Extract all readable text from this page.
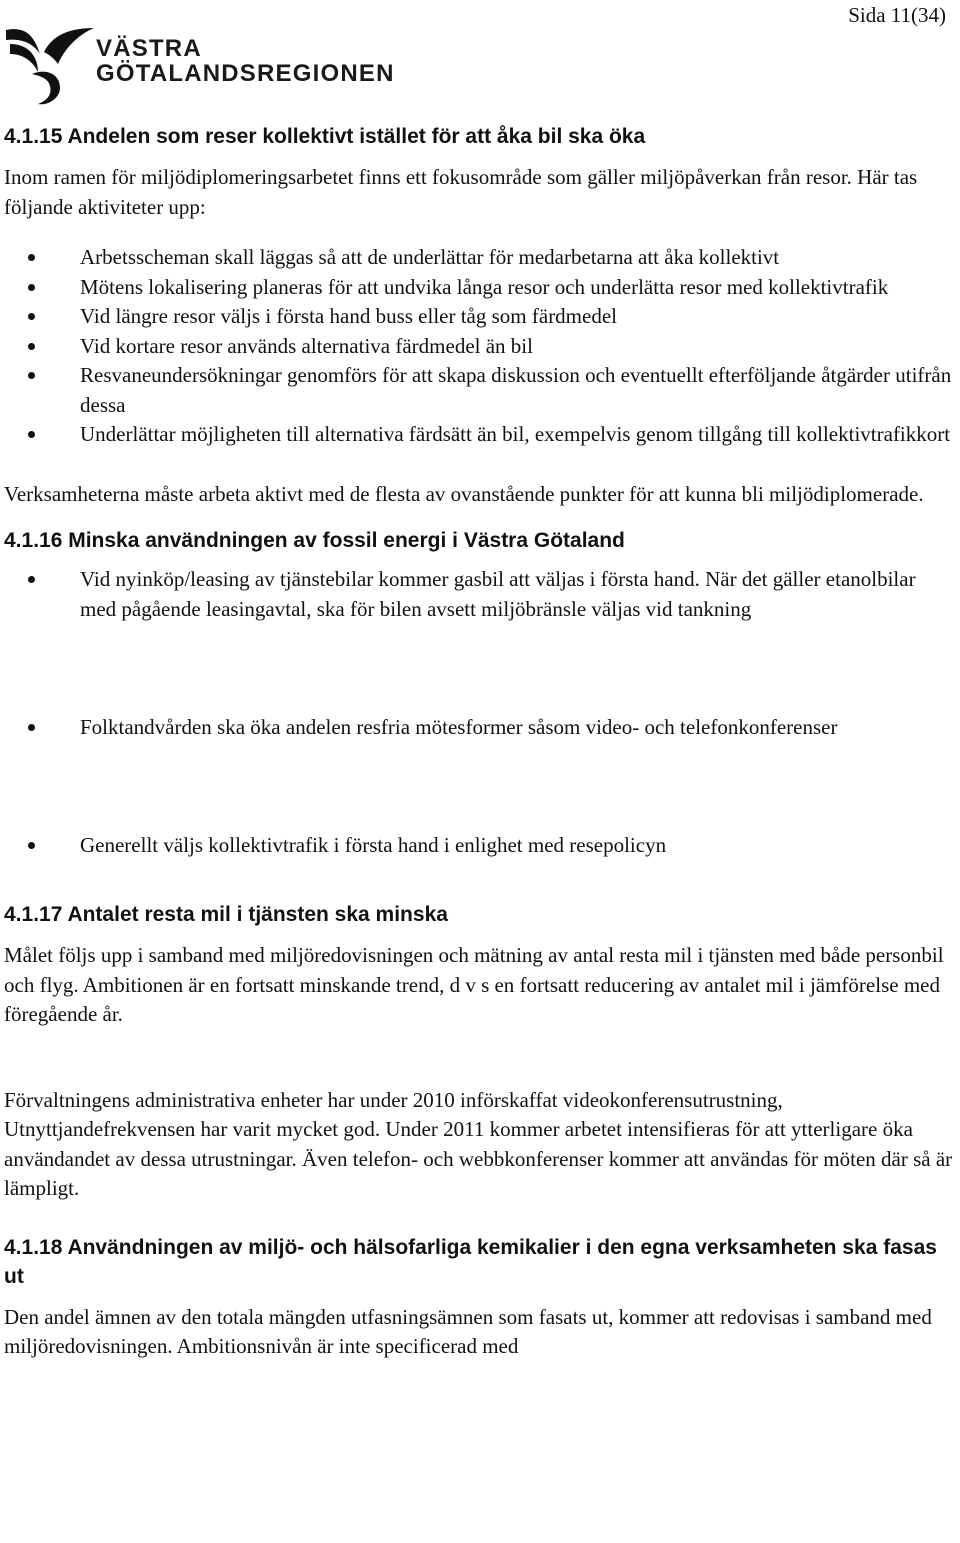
Sida 11(34)
VÄSTRA
GÖTALANDSREGIONEN
4.1.15 Andelen som reser kollektivt istället för att åka bil ska öka

Inom ramen för miljödiplomeringsarbetet finns ett fokusområde som gäller miljöpåverkan från resor. Här tas följande aktiviteter upp:

Arbetsscheman skall läggas så att de underlättar för medarbetarna att åka kollektivt
Mötens lokalisering planeras för att undvika långa resor och underlätta resor med kollektivtrafik
Vid längre resor väljs i första hand buss eller tåg som färdmedel
Vid kortare resor används alternativa färdmedel än bil
Resvaneundersökningar genomförs för att skapa diskussion och eventuellt efterföljande åtgärder utifrån dessa
Underlättar möjligheten till alternativa färdsätt än bil, exempelvis genom tillgång till kollektivtrafikkort

Verksamheterna måste arbeta aktivt med de flesta av ovanstående punkter för att kunna bli miljödiplomerade.

4.1.16 Minska användningen av fossil energi i Västra Götaland
Vid nyinköp/leasing av tjänstebilar kommer gasbil att väljas i första hand. När det gäller etanolbilar med pågående leasingavtal, ska för bilen avsett miljöbränsle väljas vid tankning
Folktandvården ska öka andelen resfria mötesformer såsom video- och telefonkonferenser
Generellt väljs kollektivtrafik i första hand i enlighet med resepolicyn
4.1.17 Antalet resta mil i tjänsten ska minska

Målet följs upp i samband med miljöredovisningen och mätning av antal resta mil i tjänsten med både personbil och flyg. Ambitionen är en fortsatt minskande trend, d v s en fortsatt reducering av antalet mil i jämförelse med föregående år.

Förvaltningens administrativa enheter har under 2010 införskaffat videokonferensutrustning, Utnyttjandefrekvensen har varit mycket god. Under 2011 kommer arbetet intensifieras för att ytterligare öka användandet av dessa utrustningar. Även telefon- och webbkonferenser kommer att användas för möten där så är lämpligt.

4.1.18 Användningen av miljö- och hälsofarliga kemikalier i den egna verksamheten ska fasas ut

Den andel ämnen av den totala mängden utfasningsämnen som fasats ut, kommer att redovisas i samband med miljöredovisningen. Ambitionsnivån är inte specificerad med
